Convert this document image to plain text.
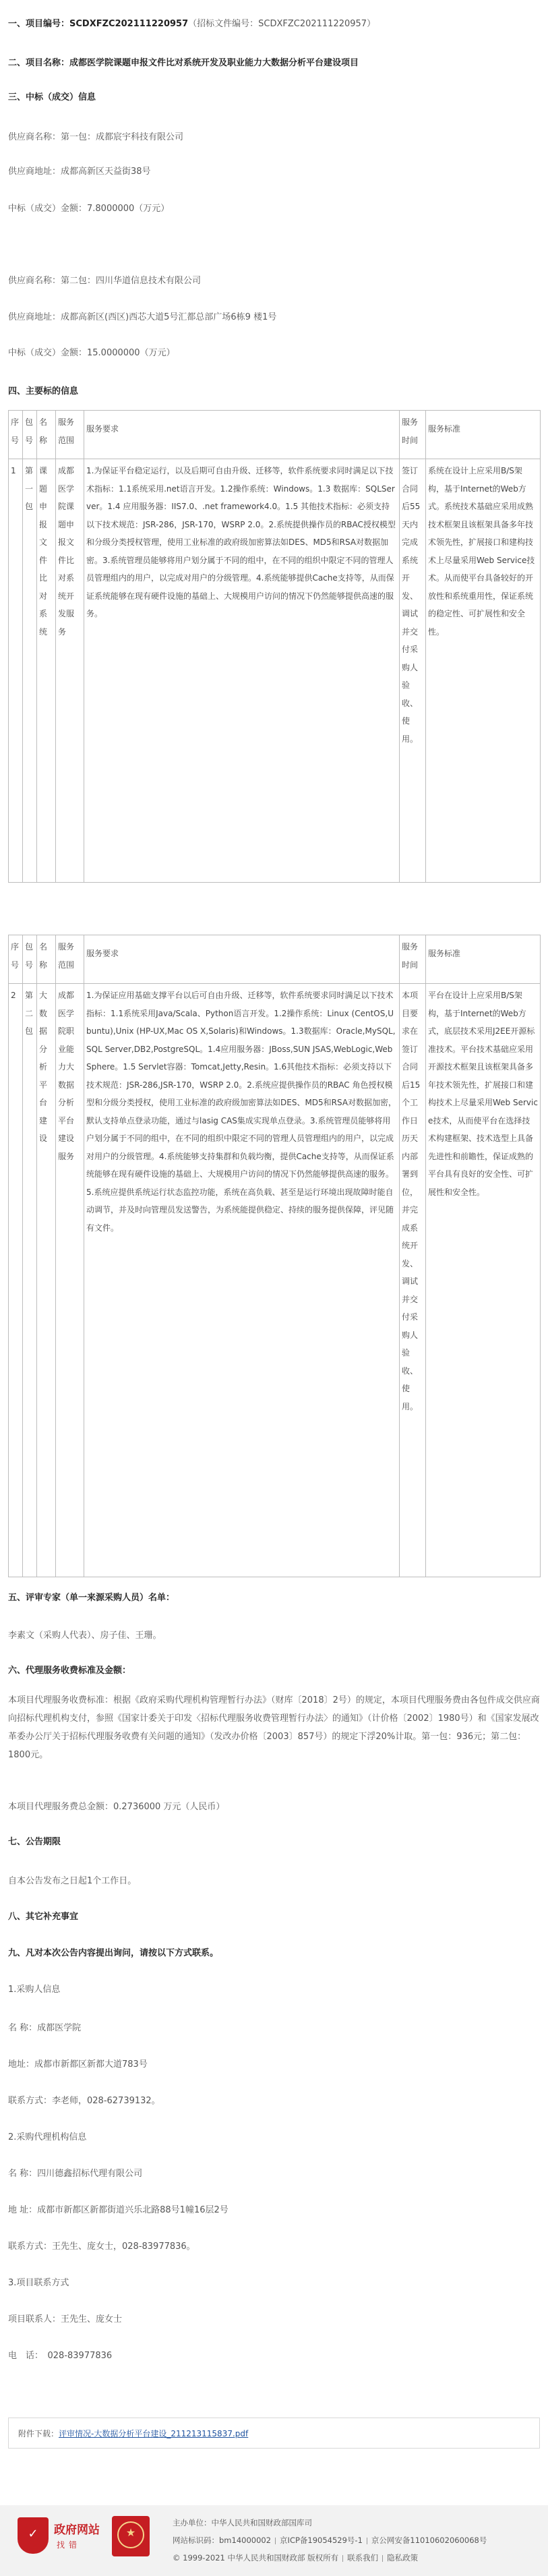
一、项目编号：SCDXFZC202111220957（招标文件编号：SCDXFZC202111220957）
二、项目名称：成都医学院课题申报文件比对系统开发及职业能力大数据分析平台建设项目
三、中标（成交）信息
供应商名称：第一包：成都宸宇科技有限公司
供应商地址：成都高新区天益街38号
中标（成交）金额：7.8000000（万元）
供应商名称：第二包：四川华道信息技术有限公司
供应商地址：成都高新区(西区)西芯大道5号汇都总部广场6栋9 楼1号
中标（成交）金额：15.0000000（万元）
四、主要标的信息
序号	包号	名称	服务范围	服务要求	服务时间	服务标准
1	第一包	课题申报文件比对系统	成都医学院课题申报文件比对系统开发服务	1.为保证平台稳定运行，以及后期可自由升级、迁移等，软件系统要求同时满足以下技术指标：1.1系统采用.net语言开发。1.2操作系统：Windows。1.3 数据库：SQLServer。1.4 应用服务器：IIS7.0、.net framework4.0。1.5 其他技术指标：必须支持以下技术规范：JSR-286，JSR-170，WSRP 2.0。2.系统提供操作员的RBAC授权模型和分级分类授权管理，使用工业标准的政府级加密算法如DES、MD5和RSA对数据加密。3.系统管理员能够将用户划分属于不同的组中，在不同的组织中限定不同的管理人员管理组内的用户，以完成对用户的分级管理。4.系统能够提供Cache支持等，从而保证系统能够在现有硬件设施的基础上、大规模用户访问的情况下仍然能够提供高速的服务。	签订合同后55天内完成系统开发、调试并交付采购人验收、使用。	系统在设计上应采用B/S架构，基于Internet的Web方式。系统技术基础应采用成熟技术框架且该框架具备多年技术领先性，扩展接口和建构技术上尽量采用Web Service技术。从而使平台具备较好的开放性和系统重用性，保证系统的稳定性、可扩展性和安全性。
序号	包号	名称	服务范围	服务要求	服务时间	服务标准
2	第二包	大数据分析平台建设	成都医学院职业能力大数据分析平台建设服务	1.为保证应用基础支撑平台以后可自由升级、迁移等，软件系统要求同时满足以下技术指标：1.1系统采用Java/Scala、Python语言开发。1.2操作系统：Linux (CentOS,Ubuntu),Unix (HP-UX,Mac OS X,Solaris)和Windows。1.3数据库：Oracle,MySQL,SQL Server,DB2,PostgreSQL。1.4应用服务器：JBoss,SUN JSAS,WebLogic,WebSphere。1.5 Servlet容器：Tomcat,Jetty,Resin。1.6其他技术指标：必须支持以下技术规范：JSR-286,JSR-170，WSRP 2.0。2.系统应提供操作员的RBAC 角色授权模型和分级分类授权，使用工业标准的政府级加密算法如DES、MD5和RSA对数据加密，默认支持单点登录功能，通过与lasig CAS集成实现单点登录。3.系统管理员能够将用户划分属于不同的组中，在不同的组织中限定不同的管理人员管理组内的用户，以完成对用户的分级管理。4.系统能够支持集群和负载均衡，提供Cache支持等，从而保证系统能够在现有硬件设施的基础上、大规模用户访问的情况下仍然能够提供高速的服务。5.系统应提供系统运行状态监控功能，系统在高负载、甚至是运行环境出现故障时能自动调节，并及时向管理员发送警告，为系统能提供稳定、持续的服务提供保障，评见随有文件。	本项目要求在签订合同后15个工作日历天内部署到位，并完成系统开发、调试并交付采购人验收、使用。	平台在设计上应采用B/S架构，基于Internet的Web方式，底层技术采用J2EE开源标准技术。平台技术基础应采用开源技术框架且该框架具备多年技术领先性，扩展接口和建构技术上尽量采用Web Service技术，从而使平台在选择技术构建框架、技术选型上具备先进性和前瞻性，保证成熟的平台具有良好的安全性、可扩展性和安全性。
五、评审专家（单一来源采购人员）名单：
李素文（采购人代表）、房子佳、王珊。
六、代理服务收费标准及金额：
本项目代理服务收费标准：根据《政府采购代理机构管理暂行办法》（财库〔2018〕2号）的规定，本项目代理服务费由各包件成交供应商向招标代理机构支付，参照《国家计委关于印发〈招标代理服务收费管理暂行办法〉的通知》（计价格〔2002〕1980号）和《国家发展改革委办公厅关于招标代理服务收费有关问题的通知》（发改办价格〔2003〕857号）的规定下浮20%计取。第一包：936元；第二包：1800元。
本项目代理服务费总金额：0.2736000 万元（人民币）
七、公告期限
自本公告发布之日起1个工作日。
八、其它补充事宜
九、凡对本次公告内容提出询问，请按以下方式联系。
1.采购人信息
名 称：成都医学院
地址：成都市新都区新都大道783号
联系方式：李老师，028-62739132。
2.采购代理机构信息
名 称：四川德鑫招标代理有限公司
地 址：成都市新都区新都街道兴乐北路88号1幢16层2号
联系方式：王先生、庞女士，028-83977836。
3.项目联系方式
项目联系人：王先生、庞女士
电　话：　028-83977836
附件下载：评审情况-大数据分析平台建设_211213115837.pdf
✓	政府网站
找错
★
主办单位：中华人民共和国财政部国库司
网站标识码：bm14000002 京ICP备19054529号-1 京公网安备11010602060068号
© 1999-2021 中华人民共和国财政部 版权所有 联系我们 隐私政策
